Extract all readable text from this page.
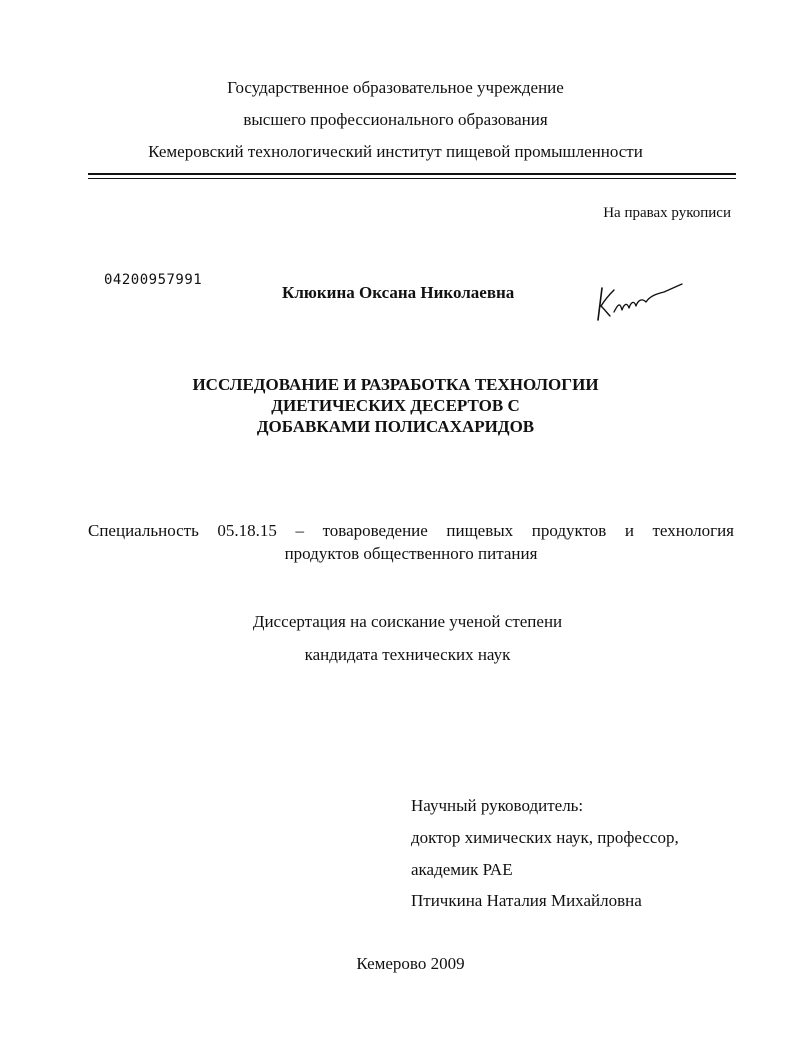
Государственное образовательное учреждение
высшего профессионального образования
Кемеровский технологический институт пищевой промышленности
На правах рукописи
04200957991
Клюкина Оксана Николаевна
ИССЛЕДОВАНИЕ И РАЗРАБОТКА ТЕХНОЛОГИИ
ДИЕТИЧЕСКИХ ДЕСЕРТОВ С
ДОБАВКАМИ ПОЛИСАХАРИДОВ
Специальность 05.18.15 – товароведение пищевых продуктов и технология
продуктов общественного питания
Диссертация на соискание ученой степени
кандидата технических наук
Научный руководитель:
доктор химических наук, профессор,
академик РАЕ
Птичкина Наталия Михайловна
Кемерово 2009
